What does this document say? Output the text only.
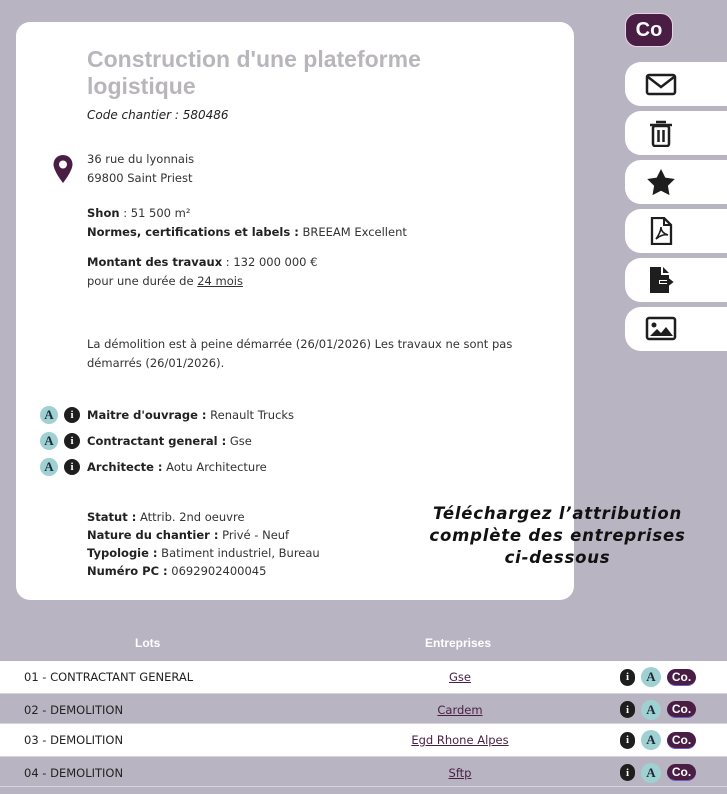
Construction d'une plateforme logistique
Code chantier : 580486
36 rue du lyonnais
69800 Saint Priest
Shon : 51 500 m²
Normes, certifications et labels : BREEAM Excellent
Montant des travaux : 132 000 000 €
pour une durée de 24 mois
La démolition est à peine démarrée (26/01/2026) Les travaux ne sont pas démarrés (26/01/2026).
A	i	Maitre d'ouvrage : Renault Trucks
A	i	Contractant general : Gse
A	i	Architecte : Aotu Architecture
Statut : Attrib. 2nd oeuvre
Nature du chantier : Privé - Neuf
Typologie : Batiment industriel, Bureau
Numéro PC : 0692902400045
Téléchargez l’attribution complète des entreprises ci-dessous
Co
Lots	Entreprises
01 - CONTRACTANT GENERAL	Gse	i	A	Co.
02 - DEMOLITION	Cardem	i	A	Co.
03 - DEMOLITION	Egd Rhone Alpes	i	A	Co.
04 - DEMOLITION	Sftp	i	A	Co.
